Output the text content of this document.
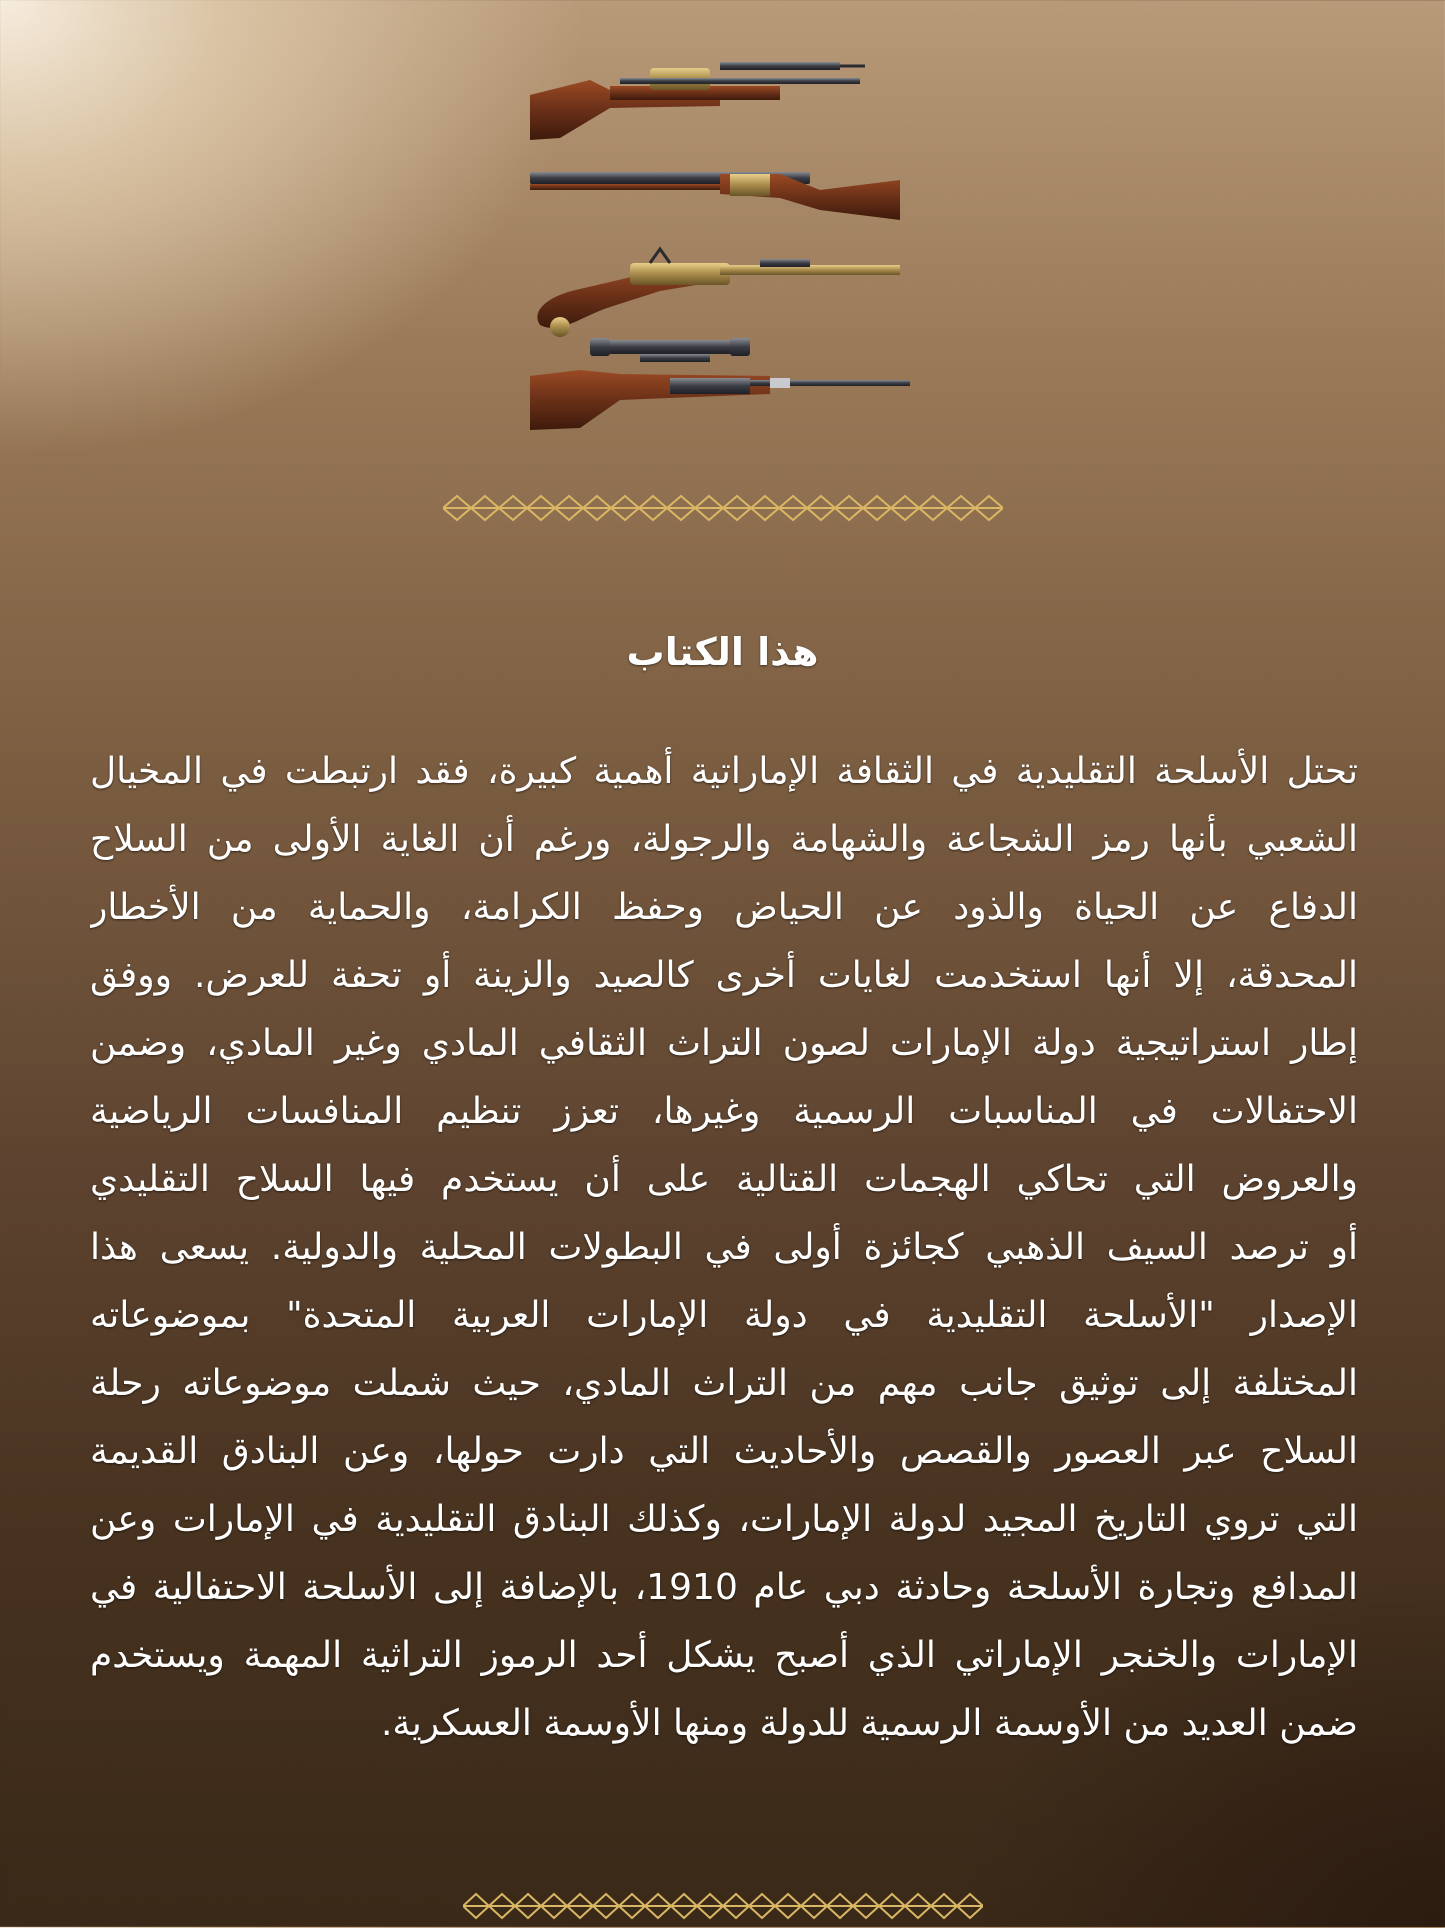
هذا الكتاب
تحتل الأسلحة التقليدية في الثقافة الإماراتية أهمية كبيرة، فقد ارتبطت في المخيال
الشعبي بأنها رمز الشجاعة والشهامة والرجولة، ورغم أن الغاية الأولى من السلاح
الدفاع عن الحياة والذود عن الحياض وحفظ الكرامة، والحماية من الأخطار
المحدقة، إلا أنها استخدمت لغايات أخرى كالصيد والزينة أو تحفة للعرض. ووفق
إطار استراتيجية دولة الإمارات لصون التراث الثقافي المادي وغير المادي، وضمن
الاحتفالات في المناسبات الرسمية وغيرها، تعزز تنظيم المنافسات الرياضية
والعروض التي تحاكي الهجمات القتالية على أن يستخدم فيها السلاح التقليدي
أو ترصد السيف الذهبي كجائزة أولى في البطولات المحلية والدولية. يسعى هذا
الإصدار "الأسلحة التقليدية في دولة الإمارات العربية المتحدة" بموضوعاته
المختلفة إلى توثيق جانب مهم من التراث المادي، حيث شملت موضوعاته رحلة
السلاح عبر العصور والقصص والأحاديث التي دارت حولها، وعن البنادق القديمة
التي تروي التاريخ المجيد لدولة الإمارات، وكذلك البنادق التقليدية في الإمارات وعن
المدافع وتجارة الأسلحة وحادثة دبي عام 1910، بالإضافة إلى الأسلحة الاحتفالية في
الإمارات والخنجر الإماراتي الذي أصبح يشكل أحد الرموز التراثية المهمة ويستخدم
ضمن العديد من الأوسمة الرسمية للدولة ومنها الأوسمة العسكرية.
